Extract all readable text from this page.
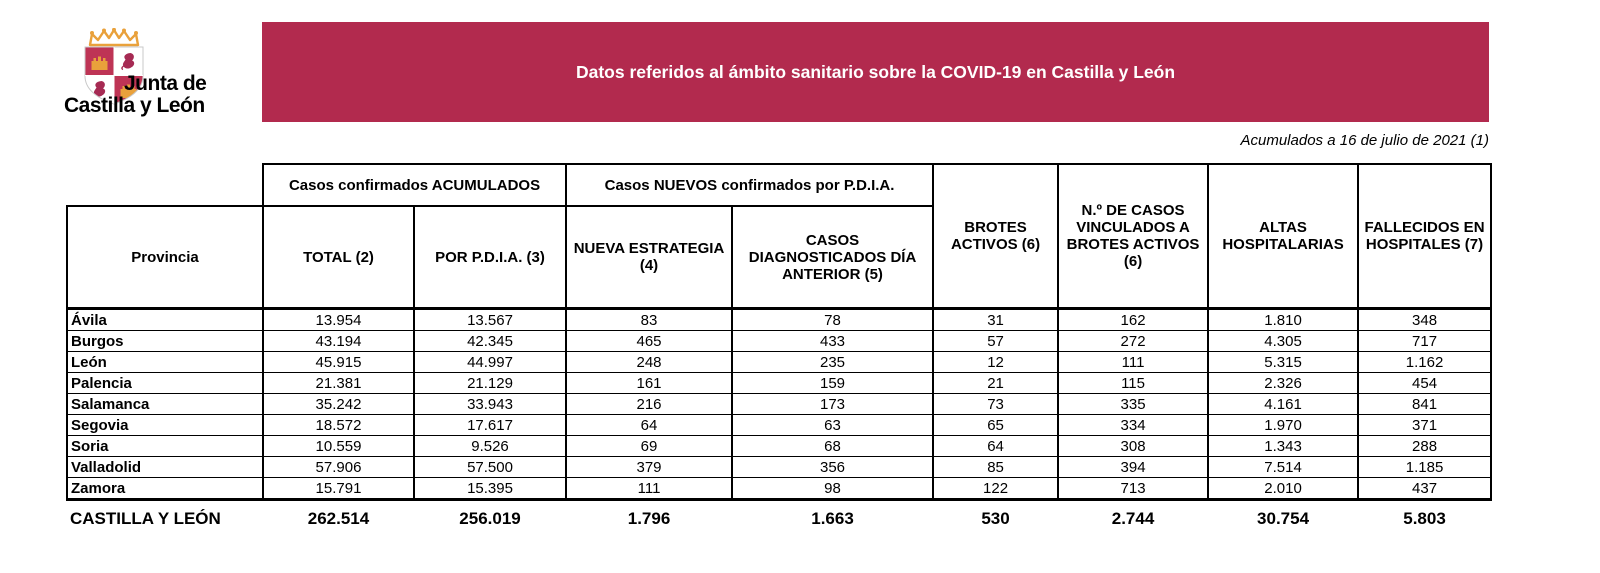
Junta de
Castilla y León
Datos referidos al ámbito sanitario sobre la COVID-19 en Castilla y León
Acumulados a 16 de julio de 2021 (1)
	Casos confirmados ACUMULADOS		Casos NUEVOS confirmados por P.D.I.A.		BROTES ACTIVOS (6)	N.º DE CASOS VINCULADOS A BROTES ACTIVOS (6)	ALTAS HOSPITALARIAS	FALLECIDOS EN HOSPITALES (7)
Provincia	TOTAL (2)	POR P.D.I.A. (3)	NUEVA ESTRATEGIA (4)	CASOS DIAGNOSTICADOS DÍA ANTERIOR (5)				
Ávila	13.954	13.567	83	78	31	162	1.810	348
Burgos	43.194	42.345	465	433	57	272	4.305	717
León	45.915	44.997	248	235	12	111	5.315	1.162
Palencia	21.381	21.129	161	159	21	115	2.326	454
Salamanca	35.242	33.943	216	173	73	335	4.161	841
Segovia	18.572	17.617	64	63	65	334	1.970	371
Soria	10.559	9.526	69	68	64	308	1.343	288
Valladolid	57.906	57.500	379	356	85	394	7.514	1.185
Zamora	15.791	15.395	111	98	122	713	2.010	437
CASTILLA Y LEÓN	262.514	256.019	1.796	1.663	530	2.744	30.754	5.803
